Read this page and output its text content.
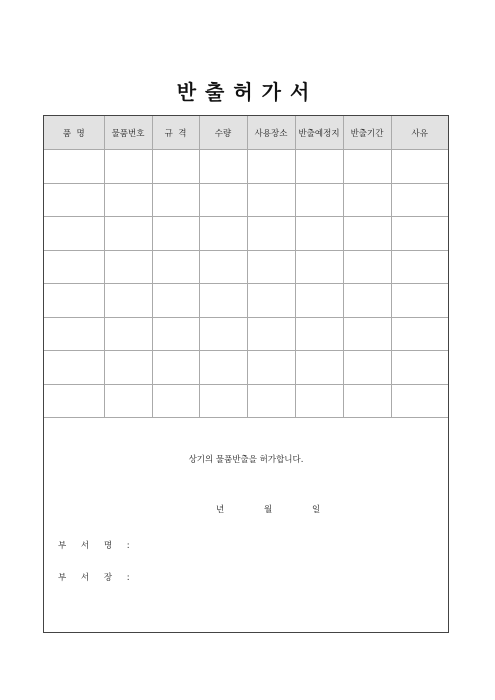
반출허가서
품  명	물품번호	규  격	수량	사용장소	반출예정지	반출기간	사유

상기의 물품반출을 허가합니다.
년	월	일
부 서 명 :
부 서 장 :
